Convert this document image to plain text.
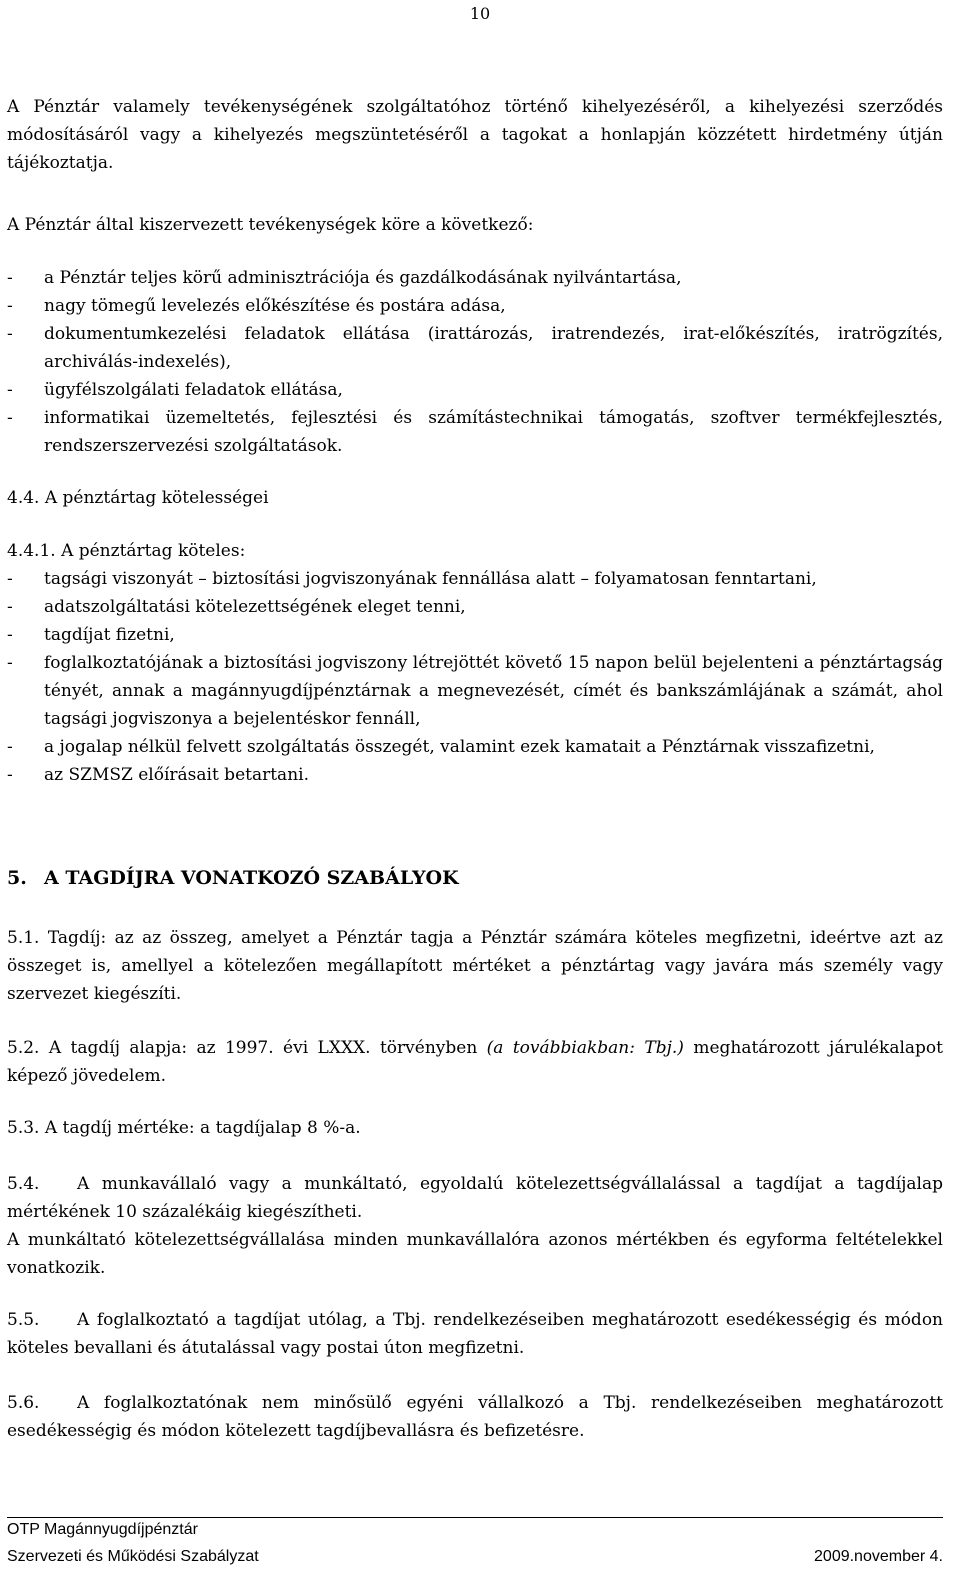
10

A Pénztár valamely tevékenységének szolgáltatóhoz történő kihelyezéséről, a kihelyezési szerződés módosításáról vagy a kihelyezés megszüntetéséről a tagokat a honlapján közzétett hirdetmény útján tájékoztatja.

A Pénztár által kiszervezett tevékenységek köre a következő:

- a Pénztár teljes körű adminisztrációja és gazdálkodásának nyilvántartása,
- nagy tömegű levelezés előkészítése és postára adása,
- dokumentumkezelési feladatok ellátása (irattározás, iratrendezés, irat-előkészítés, iratrögzítés, archiválás-indexelés),
- ügyfélszolgálati feladatok ellátása,
- informatikai üzemeltetés, fejlesztési és számítástechnikai támogatás, szoftver termékfejlesztés, rendszerszervezési szolgáltatások.

4.4. A pénztártag kötelességei

4.4.1. A pénztártag köteles:

- tagsági viszonyát – biztosítási jogviszonyának fennállása alatt – folyamatosan fenntartani,
- adatszolgáltatási kötelezettségének eleget tenni,
- tagdíjat fizetni,
- foglalkoztatójának a biztosítási jogviszony létrejöttét követő 15 napon belül bejelenteni a pénztártagság tényét, annak a magánnyugdíjpénztárnak a megnevezését, címét és bankszámlájának a számát, ahol tagsági jogviszonya a bejelentéskor fennáll,
- a jogalap nélkül felvett szolgáltatás összegét, valamint ezek kamatait a Pénztárnak visszafizetni,
- az SZMSZ előírásait betartani.
5. A TAGDÍJRA VONATKOZÓ SZABÁLYOK

5.1. Tagdíj: az az összeg, amelyet a Pénztár tagja a Pénztár számára köteles megfizetni, ideértve azt az összeget is, amellyel a kötelezően megállapított mértéket a pénztártag vagy javára más személy vagy szervezet kiegészíti.

5.2. A tagdíj alapja: az 1997. évi LXXX. törvényben (a továbbiakban: Tbj.) meghatározott járulékalapot képező jövedelem.

5.3. A tagdíj mértéke: a tagdíjalap 8 %-a.

5.4. A munkavállaló vagy a munkáltató, egyoldalú kötelezettségvállalással a tagdíjat a tagdíjalap mértékének 10 százalékáig kiegészítheti.

A munkáltató kötelezettségvállalása minden munkavállalóra azonos mértékben és egyforma feltételekkel vonatkozik.

5.5. A foglalkoztató a tagdíjat utólag, a Tbj. rendelkezéseiben meghatározott esedékességig és módon köteles bevallani és átutalással vagy postai úton megfizetni.

5.6. A foglalkoztatónak nem minősülő egyéni vállalkozó a Tbj. rendelkezéseiben meghatározott esedékességig és módon kötelezett tagdíjbevallásra és befizetésre.

OTP Magánnyugdíjpénztár
Szervezeti és Működési Szabályzat	2009.november 4.
